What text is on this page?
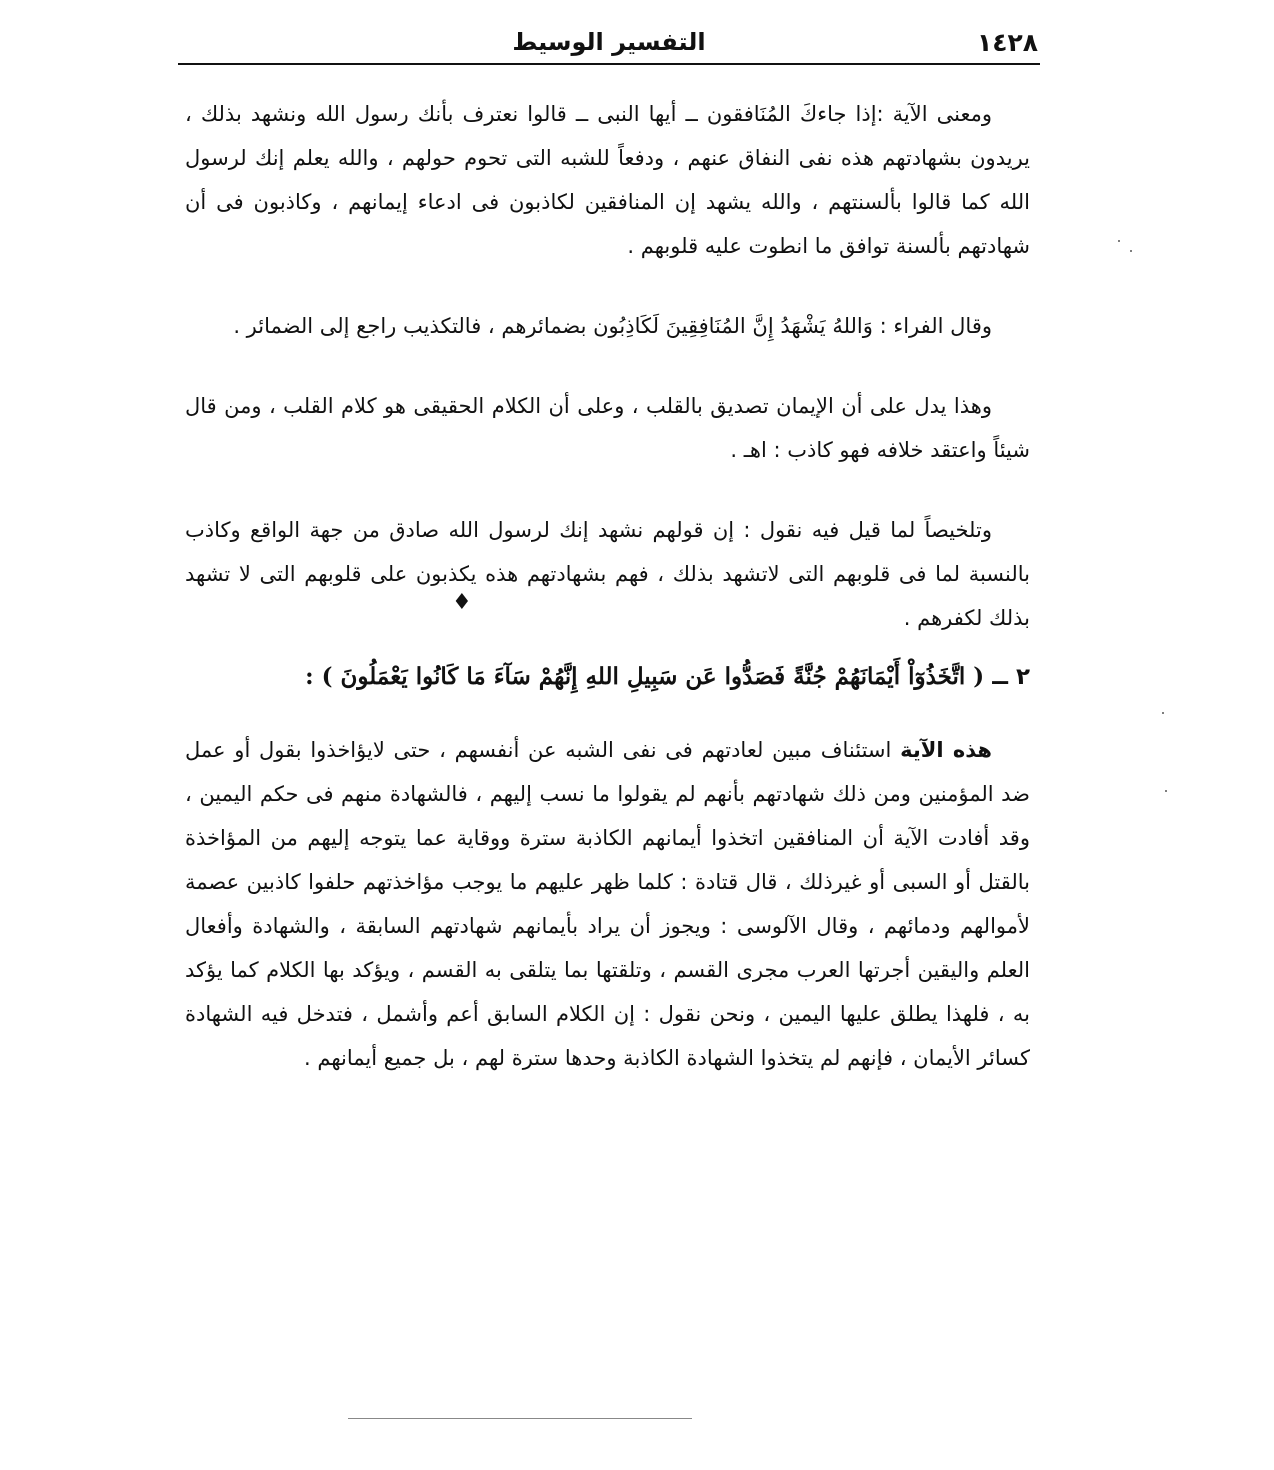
١٤٢٨
التفسير الوسيط

ومعنى الآية :إذا جاءكَ المُنَافقون ــ أيها النبى ــ قالوا نعترف بأنك رسول الله ونشهد بذلك ، يريدون بشهادتهم هذه نفى النفاق عنهم ، ودفعاً للشبه التى تحوم حولهم ، والله يعلم إنك لرسول الله كما قالوا بألسنتهم ، والله يشهد إن المنافقين لكاذبون فى ادعاء إيمانهم ، وكاذبون فى أن شهادتهم بألسنة توافق ما انطوت عليه قلوبهم .

وقال الفراء : وَاللهُ يَشْهَدُ إِنَّ المُنَافِقِينَ لَكَاذِبُون بضمائرهم ، فالتكذيب راجع إلى الضمائر .

وهذا يدل على أن الإيمان تصديق بالقلب ، وعلى أن الكلام الحقيقى هو كلام القلب ، ومن قال شيئاً واعتقد خلافه فهو كاذب : اهـ .

وتلخيصاً لما قيل فيه نقول : إن قولهم نشهد إنك لرسول الله صادق من جهة الواقع وكاذب بالنسبة لما فى قلوبهم التى لاتشهد بذلك ، فهم بشهادتهم هذه يكذبون على قلوبهم التى لا تشهد بذلك لكفرهم .

٢ ــ ( اتَّخَذُوٓاْ أَيْمَانَهُمْ جُنَّةً فَصَدُّوا عَن سَبِيلِ اللهِ إِنَّهُمْ سَآءَ مَا كَانُوا يَعْمَلُونَ ) :

هذه الآية استئناف مبين لعادتهم فى نفى الشبه عن أنفسهم ، حتى لايؤاخذوا بقول أو عمل ضد المؤمنين ومن ذلك شهادتهم بأنهم لم يقولوا ما نسب إليهم ، فالشهادة منهم فى حكم اليمين ، وقد أفادت الآية أن المنافقين اتخذوا أيمانهم الكاذبة سترة ووقاية عما يتوجه إليهم من المؤاخذة بالقتل أو السبى أو غيرذلك ، قال قتادة : كلما ظهر عليهم ما يوجب مؤاخذتهم حلفوا كاذبين عصمة لأموالهم ودمائهم ، وقال الآلوسى : ويجوز أن يراد بأيمانهم شهادتهم السابقة ، والشهادة وأفعال العلم واليقين أجرتها العرب مجرى القسم ، وتلقتها بما يتلقى به القسم ، ويؤكد بها الكلام كما يؤكد به ، فلهذا يطلق عليها اليمين ، ونحن نقول : إن الكلام السابق أعم وأشمل ، فتدخل فيه الشهادة كسائر الأيمان ، فإنهم لم يتخذوا الشهادة الكاذبة وحدها سترة لهم ، بل جميع أيمانهم .

♦
